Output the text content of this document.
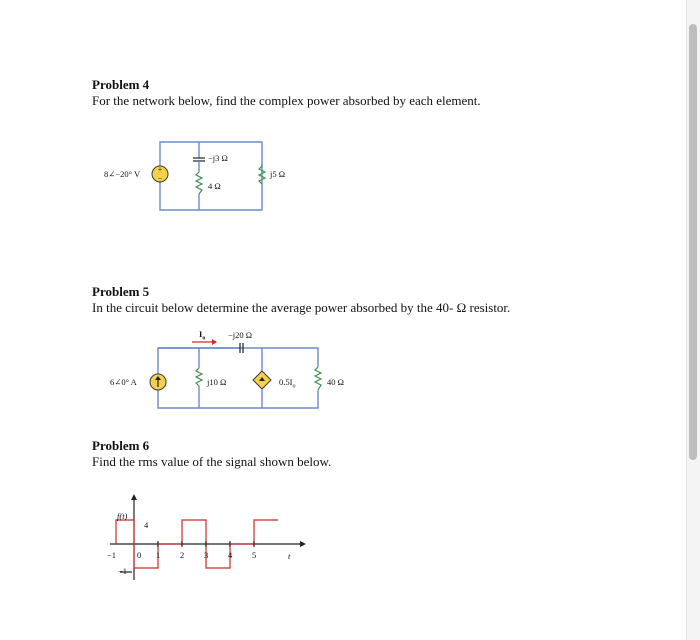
Problem 4
For the network below, find the complex power absorbed by each element.
+
−
8∠−20° V
−j3 Ω
4 Ω
j5 Ω
Problem 5
In the circuit below determine the average power absorbed by the 40- Ω resistor.
6∠0° A
$I_o$	−j20 Ω
j10 Ω	$0.5I_o$	40 Ω
Problem 6
Find the rms value of the signal shown below.
f(t)
4
t
−1 0 1 2 3 4 5
−1
